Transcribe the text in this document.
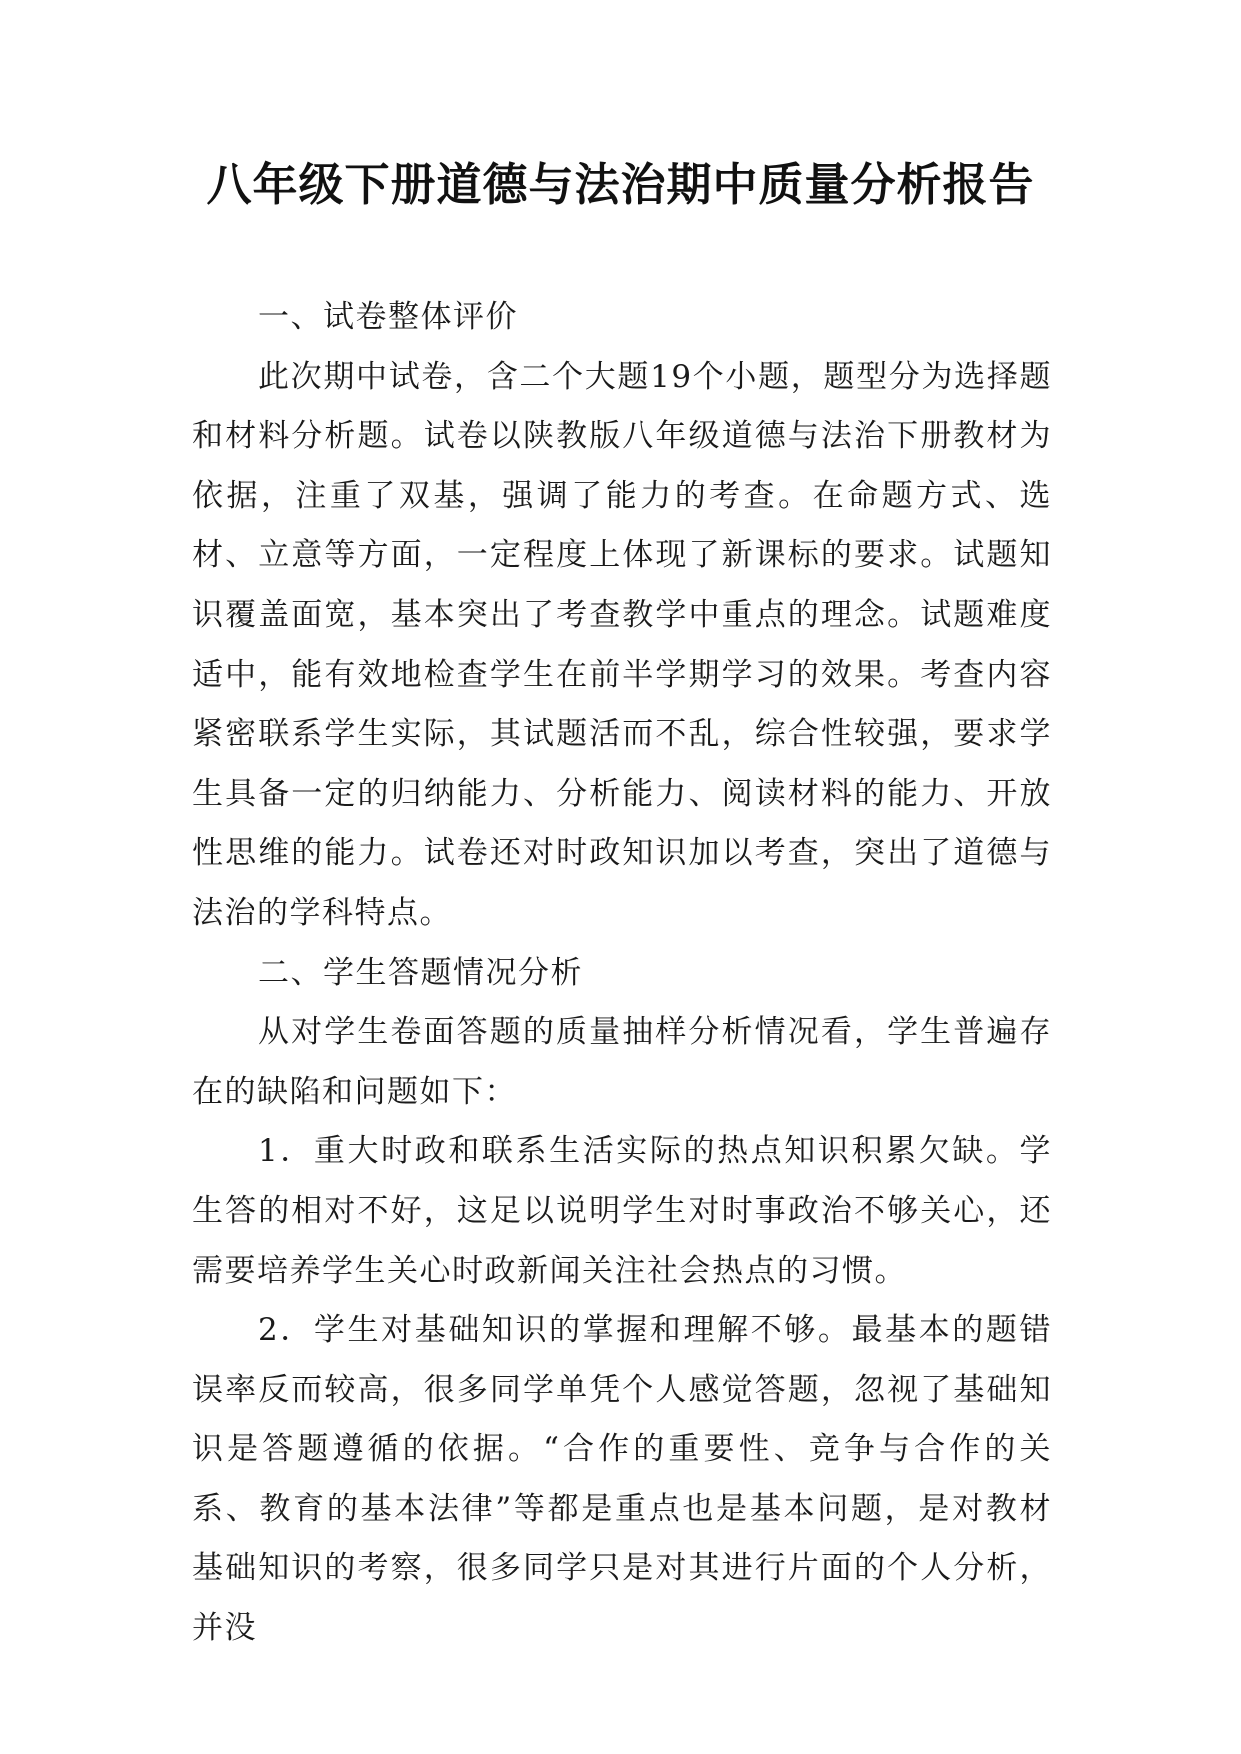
八年级下册道德与法治期中质量分析报告

一、试卷整体评价

此次期中试卷，含二个大题19个小题，题型分为选择题和材料分析题。试卷以陕教版八年级道德与法治下册教材为依据，注重了双基，强调了能力的考查。在命题方式、选材、立意等方面，一定程度上体现了新课标的要求。试题知识覆盖面宽，基本突出了考查教学中重点的理念。试题难度适中，能有效地检查学生在前半学期学习的效果。考查内容紧密联系学生实际，其试题活而不乱，综合性较强，要求学生具备一定的归纳能力、分析能力、阅读材料的能力、开放性思维的能力。试卷还对时政知识加以考查，突出了道德与法治的学科特点。

二、学生答题情况分析

从对学生卷面答题的质量抽样分析情况看，学生普遍存在的缺陷和问题如下：

1．重大时政和联系生活实际的热点知识积累欠缺。学生答的相对不好，这足以说明学生对时事政治不够关心，还需要培养学生关心时政新闻关注社会热点的习惯。

2．学生对基础知识的掌握和理解不够。最基本的题错误率反而较高，很多同学单凭个人感觉答题，忽视了基础知识是答题遵循的依据。“合作的重要性、竞争与合作的关系、教育的基本法律”等都是重点也是基本问题，是对教材基础知识的考察，很多同学只是对其进行片面的个人分析，并没
